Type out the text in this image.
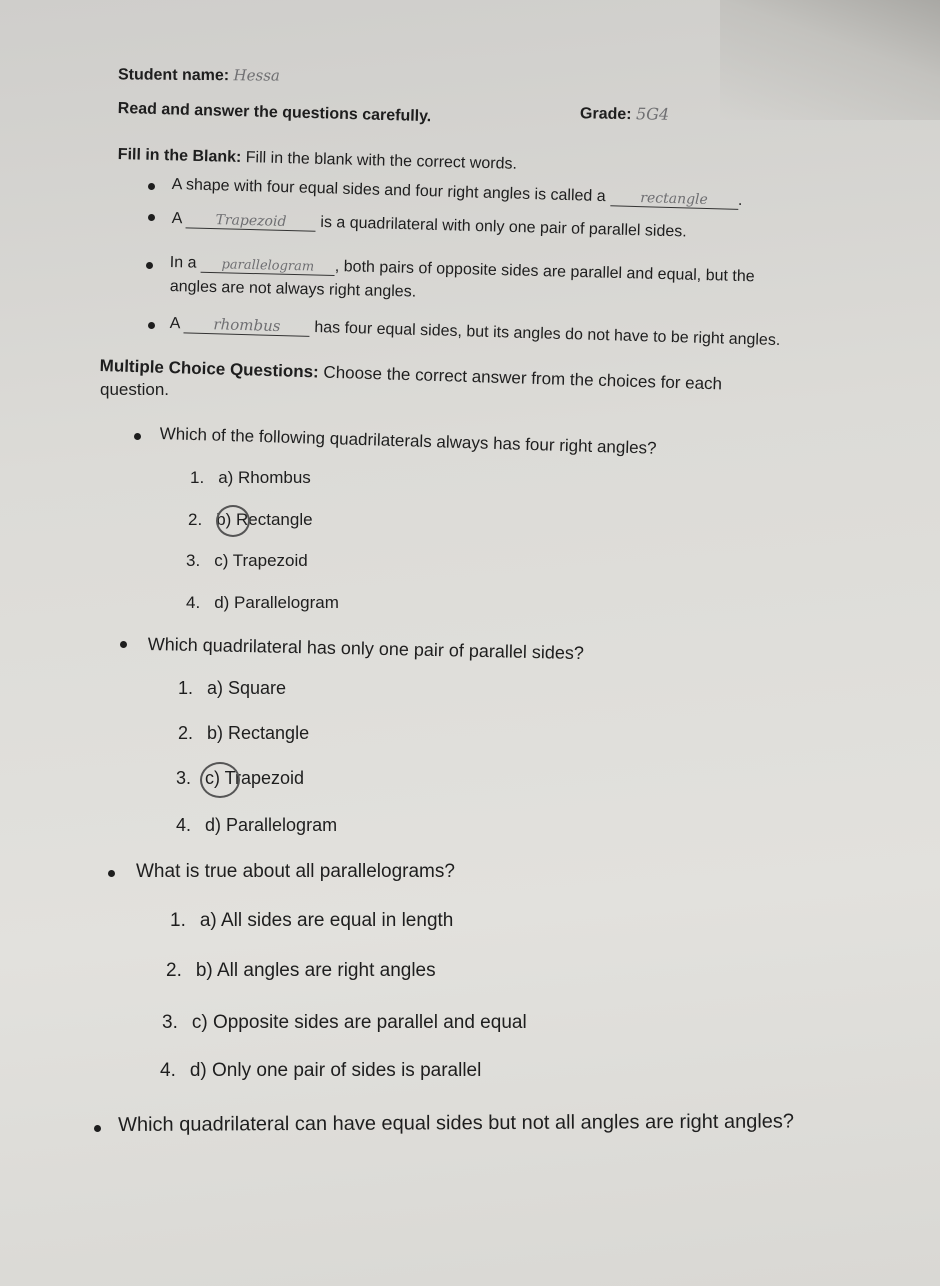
Student name: Hessa
Grade: 5G4
Read and answer the questions carefully.
Fill in the Blank: Fill in the blank with the correct words.
A shape with four equal sides and four right angles is called a rectangle .
A Trapezoid is a quadrilateral with only one pair of parallel sides.
In a parallelogram , both pairs of opposite sides are parallel and equal, but the
angles are not always right angles.
A rhombus has four equal sides, but its angles do not have to be right angles.
Multiple Choice Questions: Choose the correct answer from the choices for each
question.
Which of the following quadrilaterals always has four right angles?
1. a) Rhombus
2. b) Rectangle
3. c) Trapezoid
4. d) Parallelogram
Which quadrilateral has only one pair of parallel sides?
1. a) Square
2. b) Rectangle
3. c) Trapezoid
4. d) Parallelogram
What is true about all parallelograms?
1. a) All sides are equal in length
2. b) All angles are right angles
3. c) Opposite sides are parallel and equal
4. d) Only one pair of sides is parallel
Which quadrilateral can have equal sides but not all angles are right angles?
